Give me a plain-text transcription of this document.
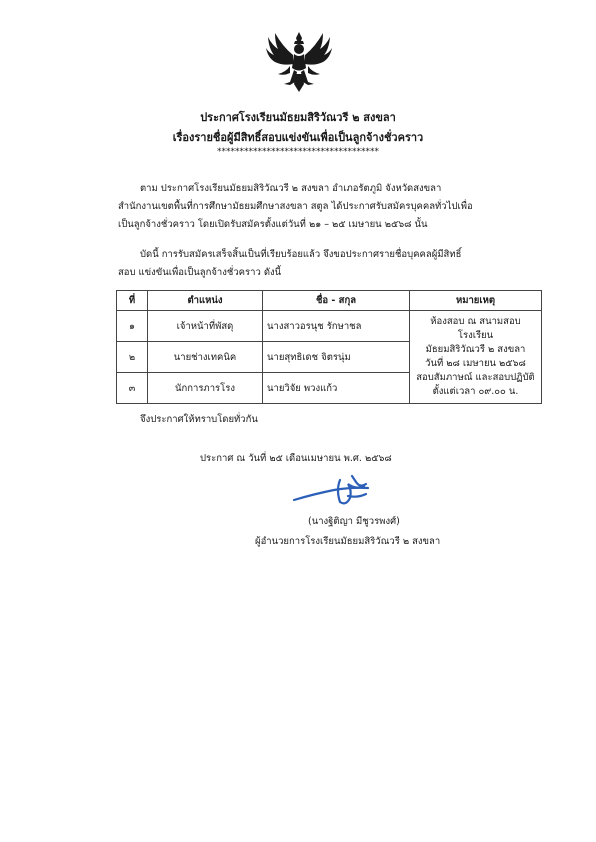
ประกาศโรงเรียนมัธยมสิริวัณวรี ๒ สงขลา
เรื่องรายชื่อผู้มีสิทธิ์สอบแข่งขันเพื่อเป็นลูกจ้างชั่วคราว
************************************
ตาม ประกาศโรงเรียนมัธยมสิริวัณวรี ๒ สงขลา อำเภอรัตภูมิ จังหวัดสงขลา สำนักงานเขตพื้นที่การศึกษามัธยมศึกษาสงขลา สตูล ได้ประกาศรับสมัครบุคคลทั่วไปเพื่อเป็นลูกจ้างชั่วคราว โดยเปิดรับสมัครตั้งแต่วันที่ ๒๑ – ๒๕ เมษายน ๒๕๖๘ นั้น
บัดนี้ การรับสมัครเสร็จสิ้นเป็นที่เรียบร้อยแล้ว จึงขอประกาศรายชื่อบุคคลผู้มีสิทธิ์สอบ แข่งขันเพื่อเป็นลูกจ้างชั่วคราว ดังนี้
ที่	ตำแหน่ง	ชื่อ - สกุล	หมายเหตุ
๑	เจ้าหน้าที่พัสดุ	นางสาวอรนุช รักษาชล	ห้องสอบ ณ สนามสอบโรงเรียน
มัธยมสิริวัณวรี ๒ สงขลา
วันที่ ๒๘ เมษายน ๒๕๖๘
สอบสัมภาษณ์ และสอบปฏิบัติ
ตั้งแต่เวลา ๐๙.๐๐ น.

๒	นายช่างเทคนิค	นายสุทธิเดช จิตรนุ่ม	
๓	นักการภารโรง	นายวิจัย พวงแก้ว	
จึงประกาศให้ทราบโดยทั่วกัน
ประกาศ ณ วันที่ ๒๕ เดือนเมษายน พ.ศ. ๒๕๖๘
(นางฐิติญา มีชูวรพงศ์)
ผู้อำนวยการโรงเรียนมัธยมสิริวัณวรี ๒ สงขลา
